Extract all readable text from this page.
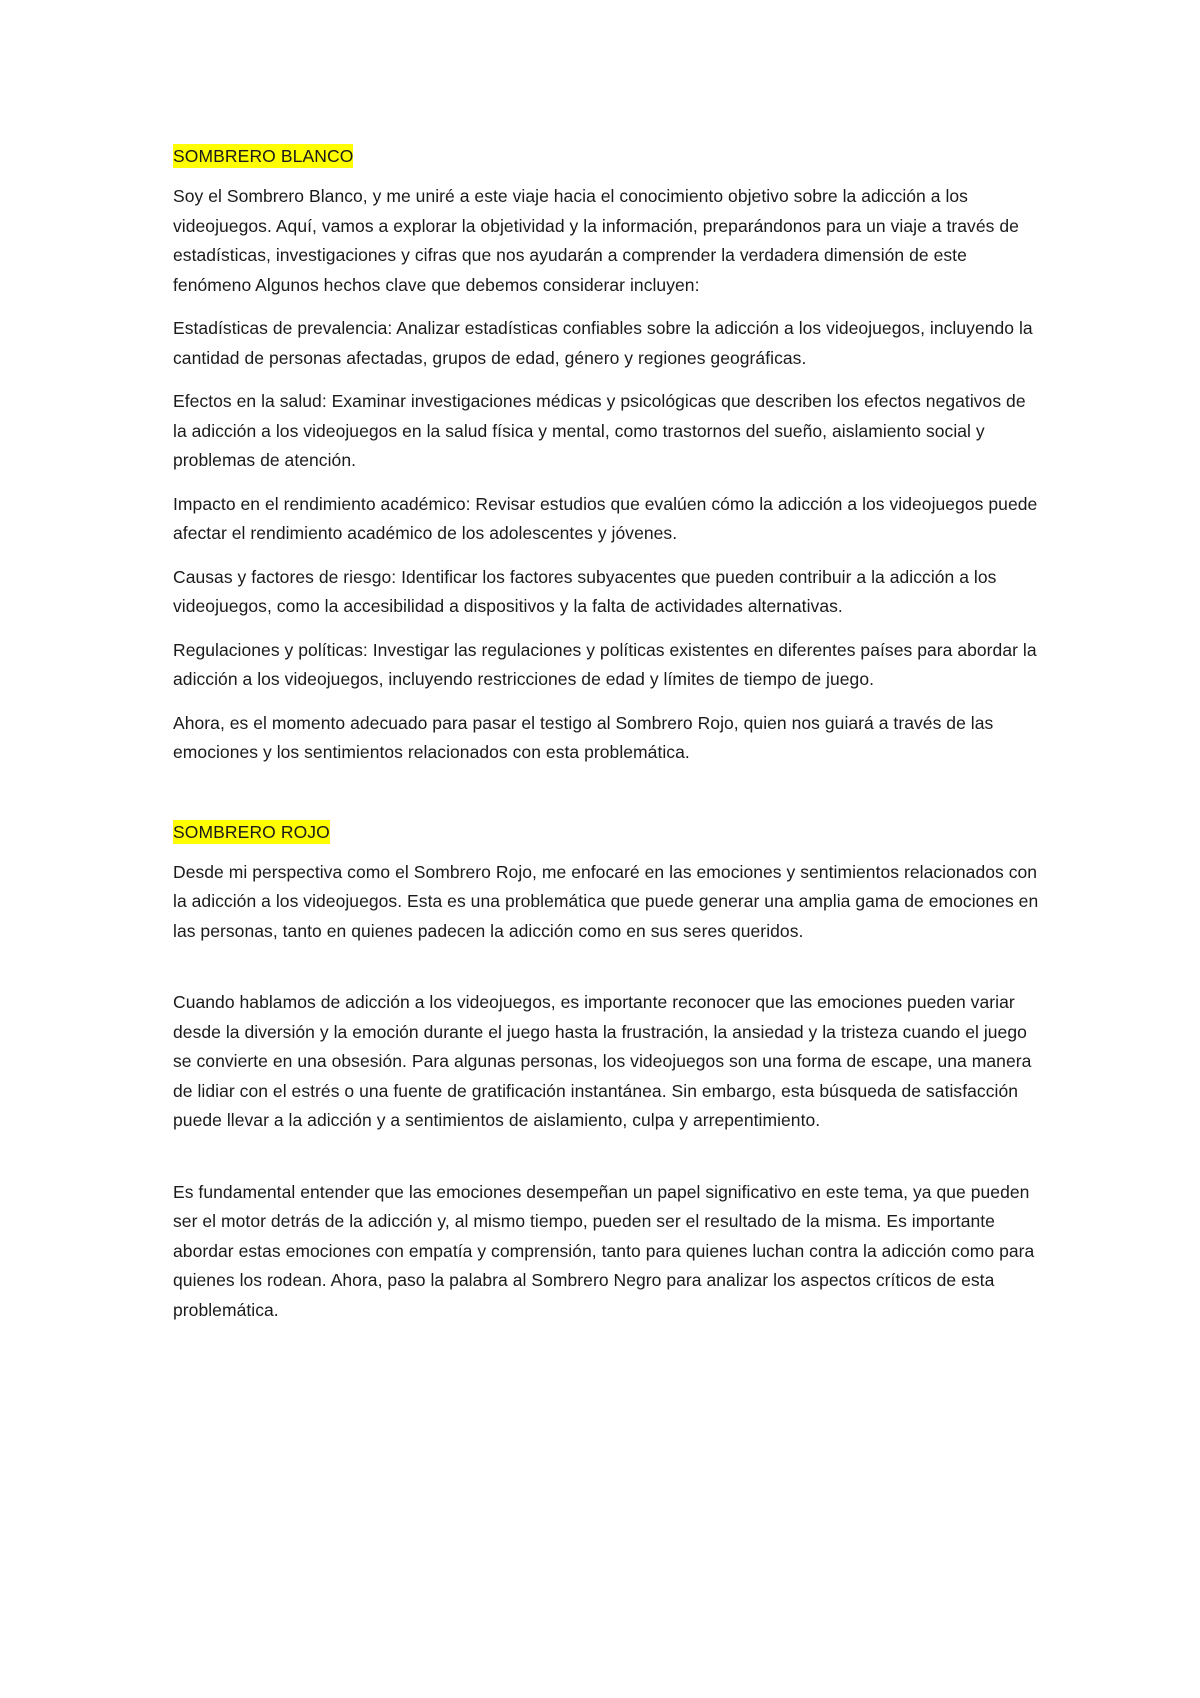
SOMBRERO BLANCO

Soy el Sombrero Blanco, y me uniré a este viaje hacia el conocimiento objetivo sobre la adicción a los videojuegos. Aquí, vamos a explorar la objetividad y la información, preparándonos para un viaje a través de estadísticas, investigaciones y cifras que nos ayudarán a comprender la verdadera dimensión de este fenómeno Algunos hechos clave que debemos considerar incluyen:

Estadísticas de prevalencia: Analizar estadísticas confiables sobre la adicción a los videojuegos, incluyendo la cantidad de personas afectadas, grupos de edad, género y regiones geográficas.

Efectos en la salud: Examinar investigaciones médicas y psicológicas que describen los efectos negativos de la adicción a los videojuegos en la salud física y mental, como trastornos del sueño, aislamiento social y problemas de atención.

Impacto en el rendimiento académico: Revisar estudios que evalúen cómo la adicción a los videojuegos puede afectar el rendimiento académico de los adolescentes y jóvenes.

Causas y factores de riesgo: Identificar los factores subyacentes que pueden contribuir a la adicción a los videojuegos, como la accesibilidad a dispositivos y la falta de actividades alternativas.

Regulaciones y políticas: Investigar las regulaciones y políticas existentes en diferentes países para abordar la adicción a los videojuegos, incluyendo restricciones de edad y límites de tiempo de juego.

Ahora, es el momento adecuado para pasar el testigo al Sombrero Rojo, quien nos guiará a través de las emociones y los sentimientos relacionados con esta problemática.

SOMBRERO ROJO

Desde mi perspectiva como el Sombrero Rojo, me enfocaré en las emociones y sentimientos relacionados con la adicción a los videojuegos. Esta es una problemática que puede generar una amplia gama de emociones en las personas, tanto en quienes padecen la adicción como en sus seres queridos.

Cuando hablamos de adicción a los videojuegos, es importante reconocer que las emociones pueden variar desde la diversión y la emoción durante el juego hasta la frustración, la ansiedad y la tristeza cuando el juego se convierte en una obsesión. Para algunas personas, los videojuegos son una forma de escape, una manera de lidiar con el estrés o una fuente de gratificación instantánea. Sin embargo, esta búsqueda de satisfacción puede llevar a la adicción y a sentimientos de aislamiento, culpa y arrepentimiento.

Es fundamental entender que las emociones desempeñan un papel significativo en este tema, ya que pueden ser el motor detrás de la adicción y, al mismo tiempo, pueden ser el resultado de la misma. Es importante abordar estas emociones con empatía y comprensión, tanto para quienes luchan contra la adicción como para quienes los rodean. Ahora, paso la palabra al Sombrero Negro para analizar los aspectos críticos de esta problemática.
